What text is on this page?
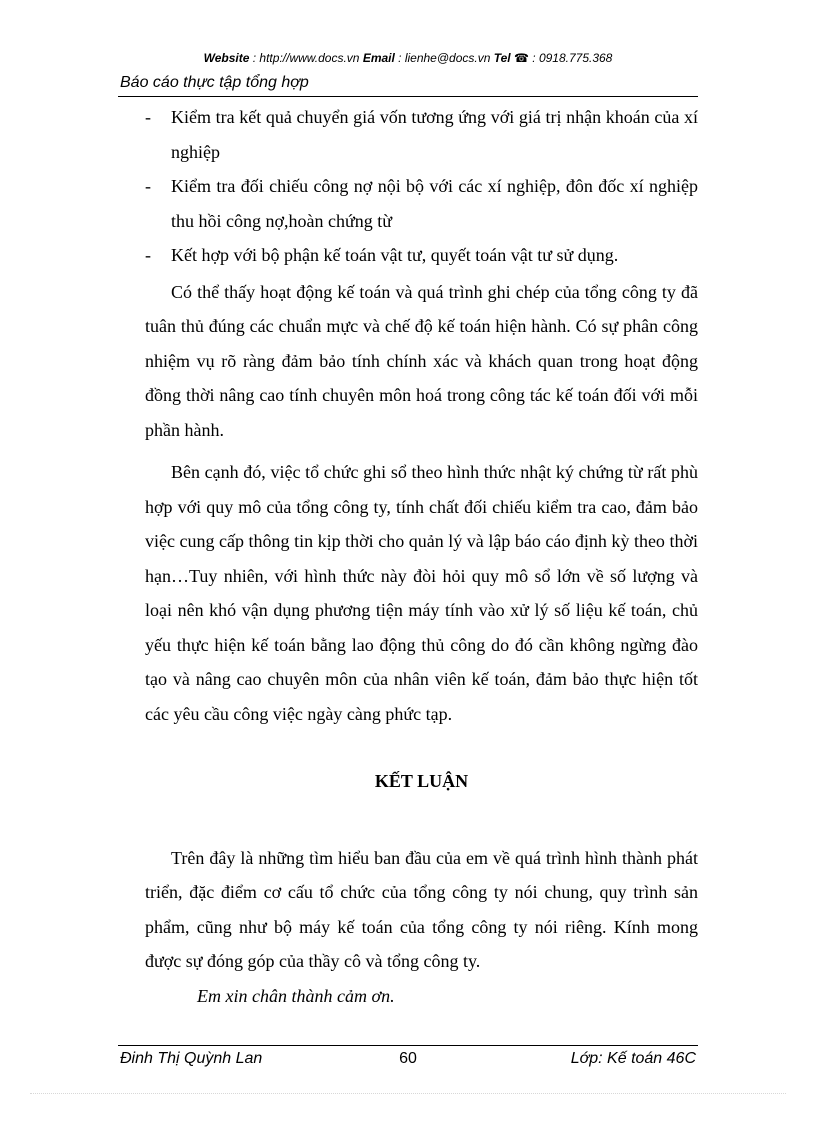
Website : http://www.docs.vn Email : lienhe@docs.vn Tel ☎ : 0918.775.368
Báo cáo thực tập tổng hợp
- Kiểm tra kết quả chuyển giá vốn tương ứng với giá trị nhận khoán của xí nghiệp
- Kiểm tra đối chiếu công nợ nội bộ với các xí nghiệp, đôn đốc xí nghiệp thu hồi công nợ,hoàn chứng từ
- Kết hợp với bộ phận kế toán vật tư, quyết toán vật tư sử dụng.

Có thể thấy hoạt động kế toán và quá trình ghi chép của tổng công ty đã tuân thủ đúng các chuẩn mực và chế độ kế toán hiện hành. Có sự phân công nhiệm vụ rõ ràng đảm bảo tính chính xác và khách quan trong hoạt động đồng thời nâng cao tính chuyên môn hoá trong công tác kế toán đối với mỗi phần hành.

Bên cạnh đó, việc tổ chức ghi sổ theo hình thức nhật ký chứng từ rất phù hợp với quy mô của tổng công ty, tính chất đối chiếu kiểm tra cao, đảm bảo việc cung cấp thông tin kịp thời cho quản lý và lập báo cáo định kỳ theo thời hạn…Tuy nhiên, với hình thức này đòi hỏi quy mô sổ lớn về số lượng và loại nên khó vận dụng phương tiện máy tính vào xử lý số liệu kế toán, chủ yếu thực hiện kế toán bằng lao động thủ công do đó cần không ngừng đào tạo và nâng cao chuyên môn của nhân viên kế toán, đảm bảo thực hiện tốt các yêu cầu công việc ngày càng phức tạp.

KẾT LUẬN

Trên đây là những tìm hiểu ban đầu của em về quá trình hình thành phát triển, đặc điểm cơ cấu tổ chức của tổng công ty nói chung, quy trình sản phẩm, cũng như bộ máy kế toán của tổng công ty nói riêng. Kính mong được sự đóng góp của thầy cô và tổng công ty.

Em xin chân thành cảm ơn.

Đinh Thị Quỳnh Lan	60	Lớp: Kế toán 46C
